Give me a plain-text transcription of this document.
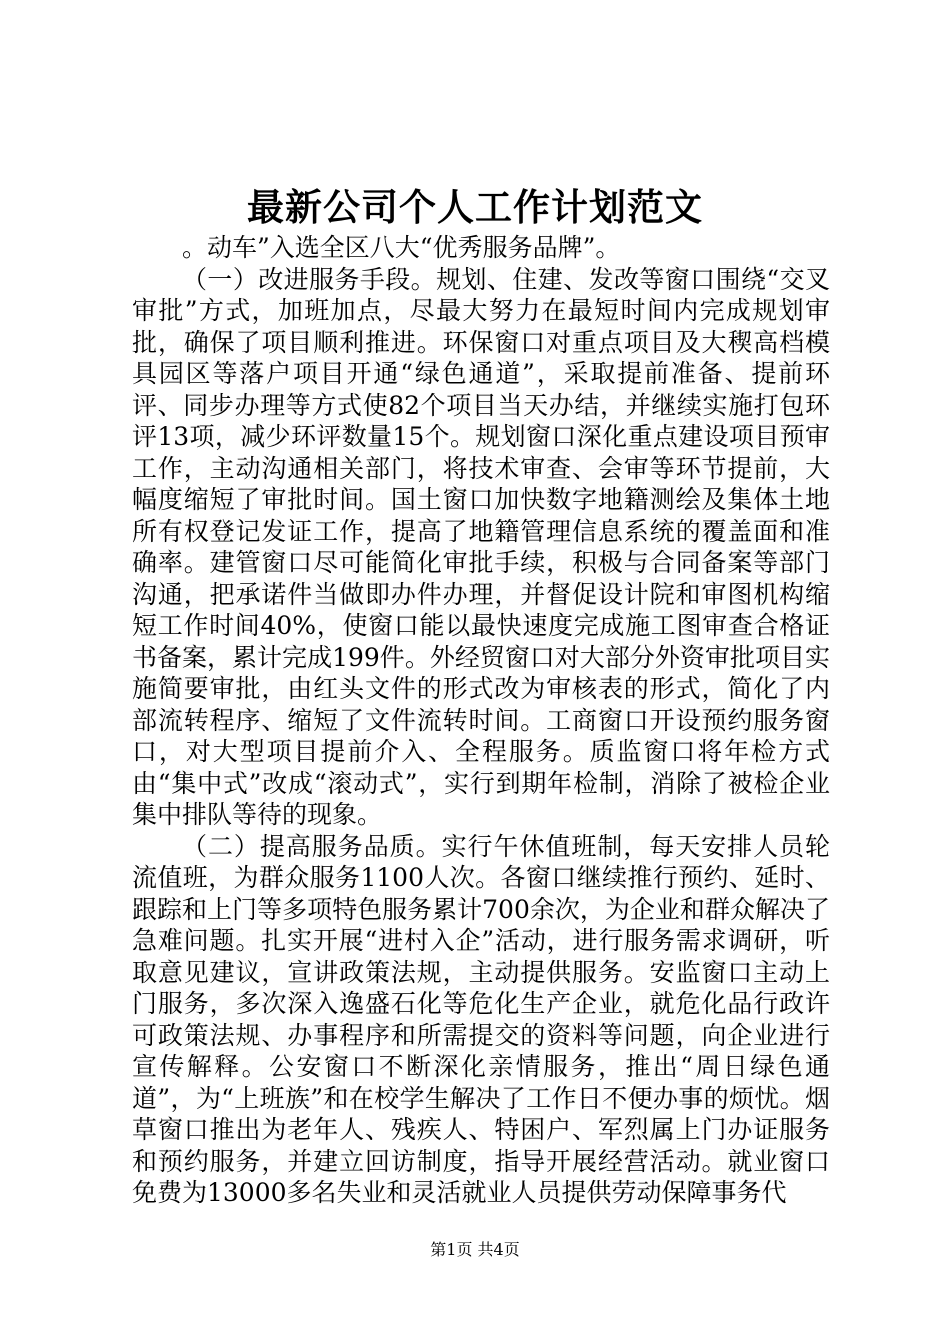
最新公司个人工作计划范文

。动车”入选全区八大“优秀服务品牌”。

（一）改进服务手段。规划、住建、发改等窗口围绕“交叉审批”方式，加班加点，尽最大努力在最短时间内完成规划审批，确保了项目顺利推进。环保窗口对重点项目及大稧高档模具园区等落户项目开通“绿色通道”，采取提前准备、提前环评、同步办理等方式使82个项目当天办结，并继续实施打包环评13项，减少环评数量15个。规划窗口深化重点建设项目预审工作，主动沟通相关部门，将技术审查、会审等环节提前，大幅度缩短了审批时间。国土窗口加快数字地籍测绘及集体土地所有权登记发证工作，提高了地籍管理信息系统的覆盖面和准确率。建管窗口尽可能简化审批手续，积极与合同备案等部门沟通，把承诺件当做即办件办理，并督促设计院和审图机构缩短工作时间40%，使窗口能以最快速度完成施工图审查合格证书备案，累计完成199件。外经贸窗口对大部分外资审批项目实施简要审批，由红头文件的形式改为审核表的形式，简化了内部流转程序、缩短了文件流转时间。工商窗口开设预约服务窗口，对大型项目提前介入、全程服务。质监窗口将年检方式由“集中式”改成“滚动式”，实行到期年检制，消除了被检企业集中排队等待的现象。

（二）提高服务品质。实行午休值班制，每天安排人员轮流值班，为群众服务1100人次。各窗口继续推行预约、延时、跟踪和上门等多项特色服务累计700余次，为企业和群众解决了急难问题。扎实开展“进村入企”活动，进行服务需求调研，听取意见建议，宣讲政策法规，主动提供服务。安监窗口主动上门服务，多次深入逸盛石化等危化生产企业，就危化品行政许可政策法规、办事程序和所需提交的资料等问题，向企业进行宣传解释。公安窗口不断深化亲情服务，推出“周日绿色通道”，为“上班族”和在校学生解决了工作日不便办事的烦忧。烟草窗口推出为老年人、残疾人、特困户、军烈属上门办证服务和预约服务，并建立回访制度，指导开展经营活动。就业窗口免费为13000多名失业和灵活就业人员提供劳动保障事务代

第1页 共4页
